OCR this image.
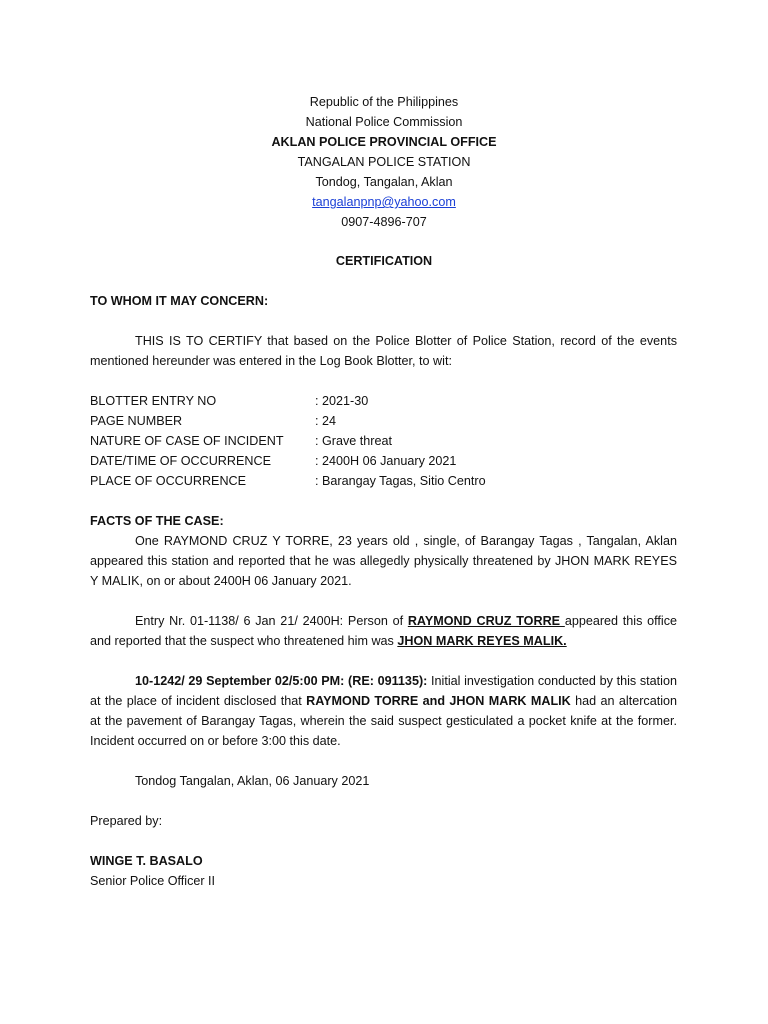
Republic of the Philippines
National Police Commission
AKLAN POLICE PROVINCIAL OFFICE
TANGALAN POLICE STATION
Tondog, Tangalan, Aklan
tangalanpnp@yahoo.com
0907-4896-707
CERTIFICATION
TO WHOM IT MAY CONCERN:
THIS IS TO CERTIFY that based on the Police Blotter of Police Station, record of the events mentioned hereunder was entered in the Log Book Blotter, to wit:
BLOTTER ENTRY NO	: 2021-30
PAGE NUMBER	: 24
NATURE OF CASE OF INCIDENT	: Grave threat
DATE/TIME OF OCCURRENCE	: 2400H 06 January 2021
PLACE OF OCCURRENCE	: Barangay Tagas, Sitio Centro
FACTS OF THE CASE:
One RAYMOND CRUZ Y TORRE, 23 years old , single, of Barangay Tagas , Tangalan, Aklan appeared this station and reported that he was allegedly physically threatened by JHON MARK REYES Y MALIK, on or about 2400H 06 January 2021.
Entry Nr. 01-1138/ 6 Jan 21/ 2400H: Person of RAYMOND CRUZ TORRE appeared this office and reported that the suspect who threatened him was JHON MARK REYES MALIK.
10-1242/ 29 September 02/5:00 PM: (RE: 091135): Initial investigation conducted by this station at the place of incident disclosed that RAYMOND TORRE and JHON MARK MALIK had an altercation at the pavement of Barangay Tagas, wherein the said suspect gesticulated a pocket knife at the former. Incident occurred on or before 3:00 this date.
Tondog Tangalan, Aklan, 06 January 2021
Prepared by:
WINGE T. BASALO
Senior Police Officer II
